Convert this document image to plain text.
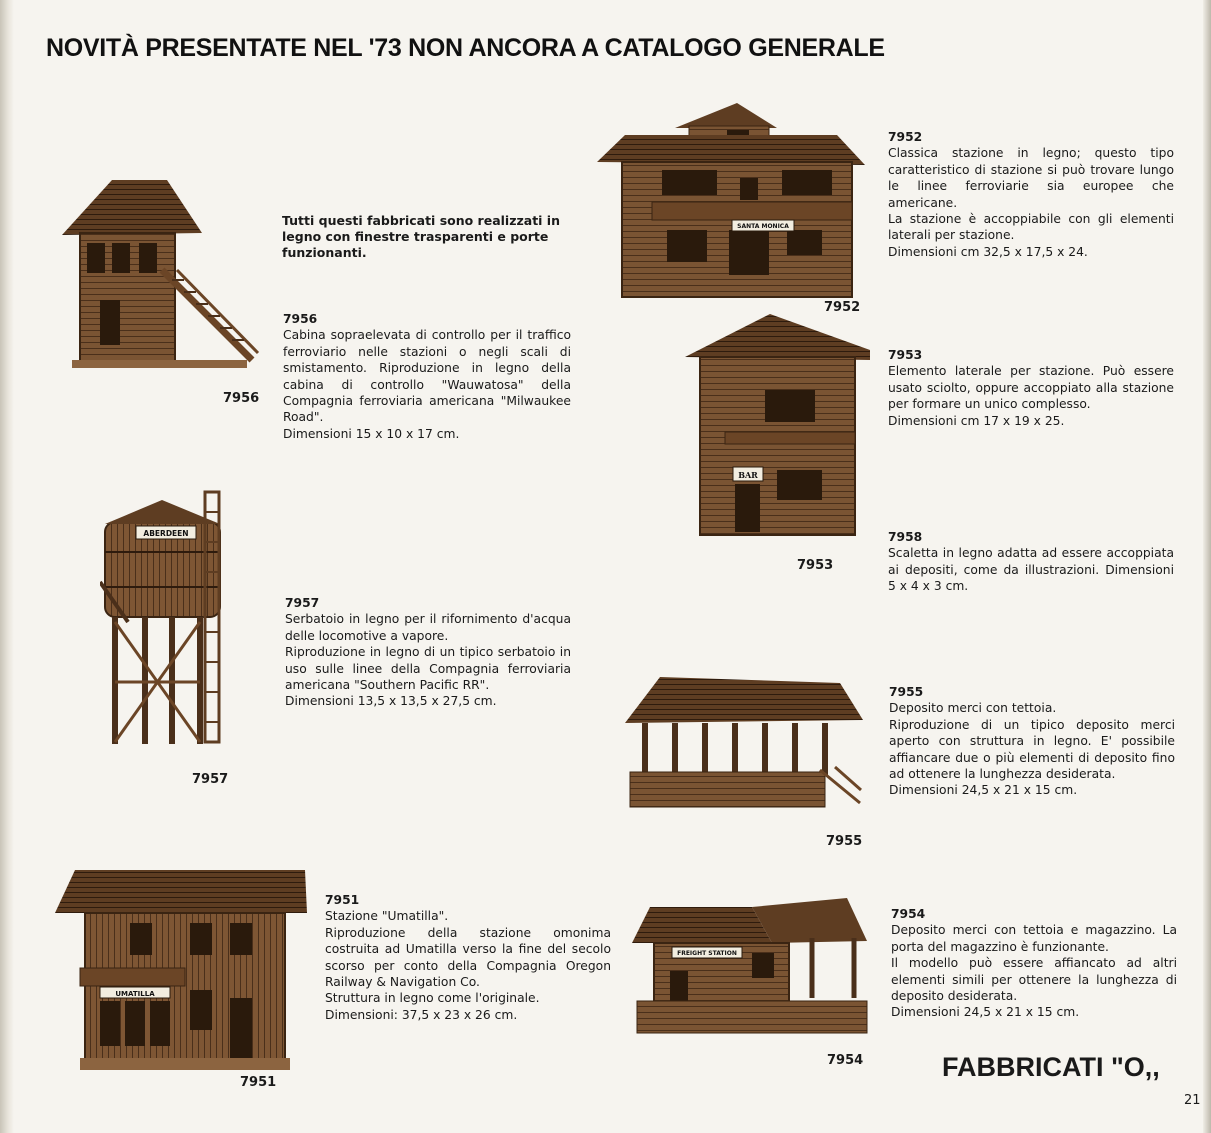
NOVITÀ PRESENTATE NEL '73 NON ANCORA A CATALOGO GENERALE
Tutti questi fabbricati sono realizzati in legno con finestre trasparenti e porte funzionanti.
7956
7956
Cabina sopraelevata di controllo per il traffico ferroviario nelle stazioni o negli scali di smistamento. Riproduzione in legno della cabina di controllo "Wauwatosa" della Compagnia ferroviaria americana "Milwaukee Road".
Dimensioni 15 x 10 x 17 cm.
ABERDEEN
7957
7957
Serbatoio in legno per il rifornimento d'acqua delle locomotive a vapore.
Riproduzione in legno di un tipico serbatoio in uso sulle linee della Compagnia ferroviaria americana "Southern Pacific RR".
Dimensioni 13,5 x 13,5 x 27,5 cm.
UMATILLA
7951
7951
Stazione "Umatilla".
Riproduzione della stazione omonima costruita ad Umatilla verso la fine del secolo scorso per conto della Compagnia Oregon Railway & Navigation Co.
Struttura in legno come l'originale.
Dimensioni: 37,5 x 23 x 26 cm.
SANTA MONICA
7952
7952
Classica stazione in legno; questo tipo caratteristico di stazione si può trovare lungo le linee ferroviarie sia europee che americane.
La stazione è accoppiabile con gli elementi laterali per stazione.
Dimensioni cm 32,5 x 17,5 x 24.
BAR
7953
7953
Elemento laterale per stazione. Può essere usato sciolto, oppure accoppiato alla stazione per formare un unico complesso.
Dimensioni cm 17 x 19 x 25.
7958
Scaletta in legno adatta ad essere accoppiata ai depositi, come da illustrazioni. Dimensioni 5 x 4 x 3 cm.
7955
7955
Deposito merci con tettoia.
Riproduzione di un tipico deposito merci aperto con struttura in legno. E' possibile affiancare due o più elementi di deposito fino ad ottenere la lunghezza desiderata.
Dimensioni 24,5 x 21 x 15 cm.
FREIGHT STATION
7954
7954
Deposito merci con tettoia e magazzino. La porta del magazzino è funzionante.
Il modello può essere affiancato ad altri elementi simili per ottenere la lunghezza di deposito desiderata.
Dimensioni 24,5 x 21 x 15 cm.
FABBRICATI "O,,
21
